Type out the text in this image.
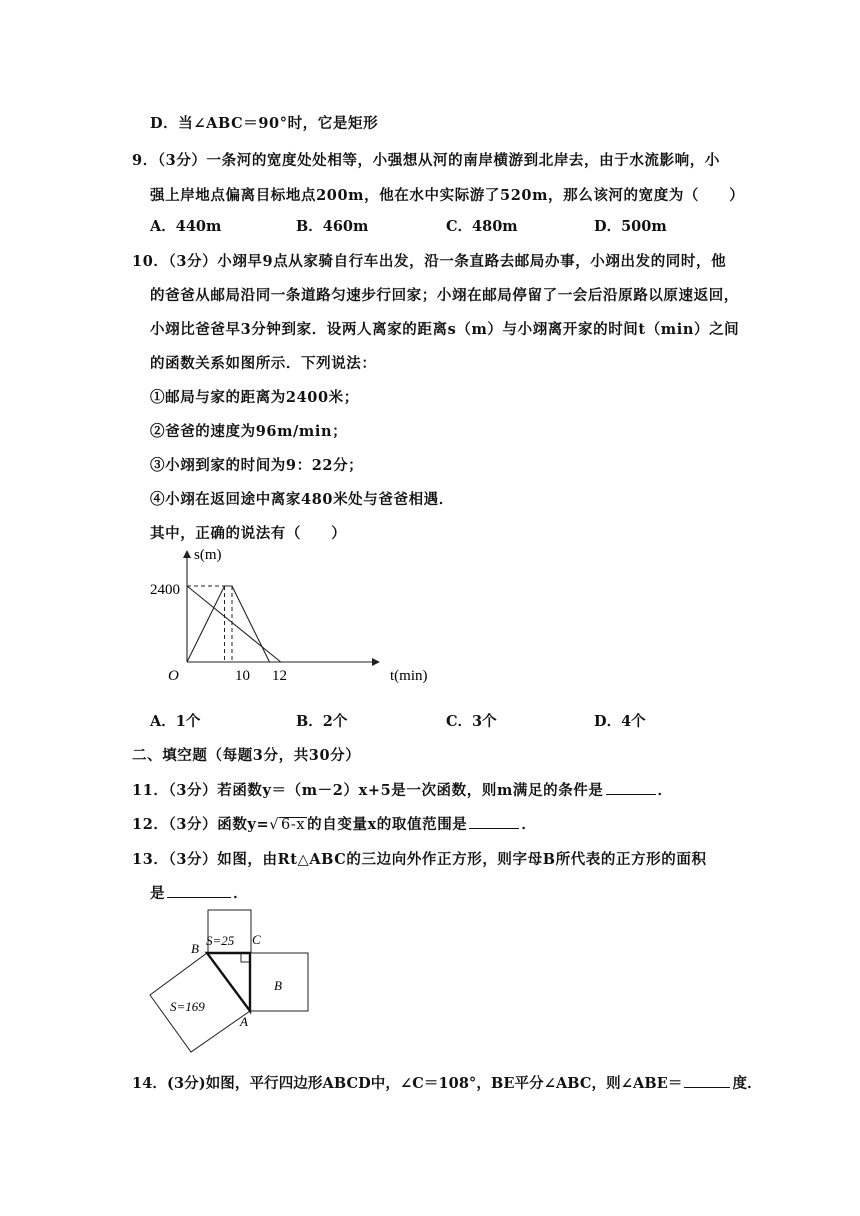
D．当∠ABC＝90°时，它是矩形
9．（3分）一条河的宽度处处相等，小强想从河的南岸横游到北岸去，由于水流影响，小
强上岸地点偏离目标地点200m，他在水中实际游了520m，那么该河的宽度为（　　）
A．440m	B．460m	C．480m	D．500m
10．（3分）小翊早9点从家骑自行车出发，沿一条直路去邮局办事，小翊出发的同时，他
的爸爸从邮局沿同一条道路匀速步行回家；小翊在邮局停留了一会后沿原路以原速返回，
小翊比爸爸早3分钟到家．设两人离家的距离s（m）与小翊离开家的时间t（min）之间
的函数关系如图所示．下列说法：
①邮局与家的距离为2400米；
②爸爸的速度为96m/min；
③小翊到家的时间为9：22分；
④小翊在返回途中离家480米处与爸爸相遇．
其中，正确的说法有（　　）
s(m)
t(min)
O
2400
10 12
A．1个	B．2个	C．3个	D．4个
二、填空题（每题3分，共30分）
11．（3分）若函数y＝（m－2）x+5是一次函数，则m满足的条件是	．
12．（3分）函数y=√ 6-x 的自变量x的取值范围是	．
13．（3分）如图，由Rt△ABC的三边向外作正方形，则字母B所代表的正方形的面积
是	．
S=25
S=169
B
B
C
A
14．(3分)如图，平行四边形ABCD中，∠C＝108°，BE平分∠ABC，则∠ABE＝	度．
